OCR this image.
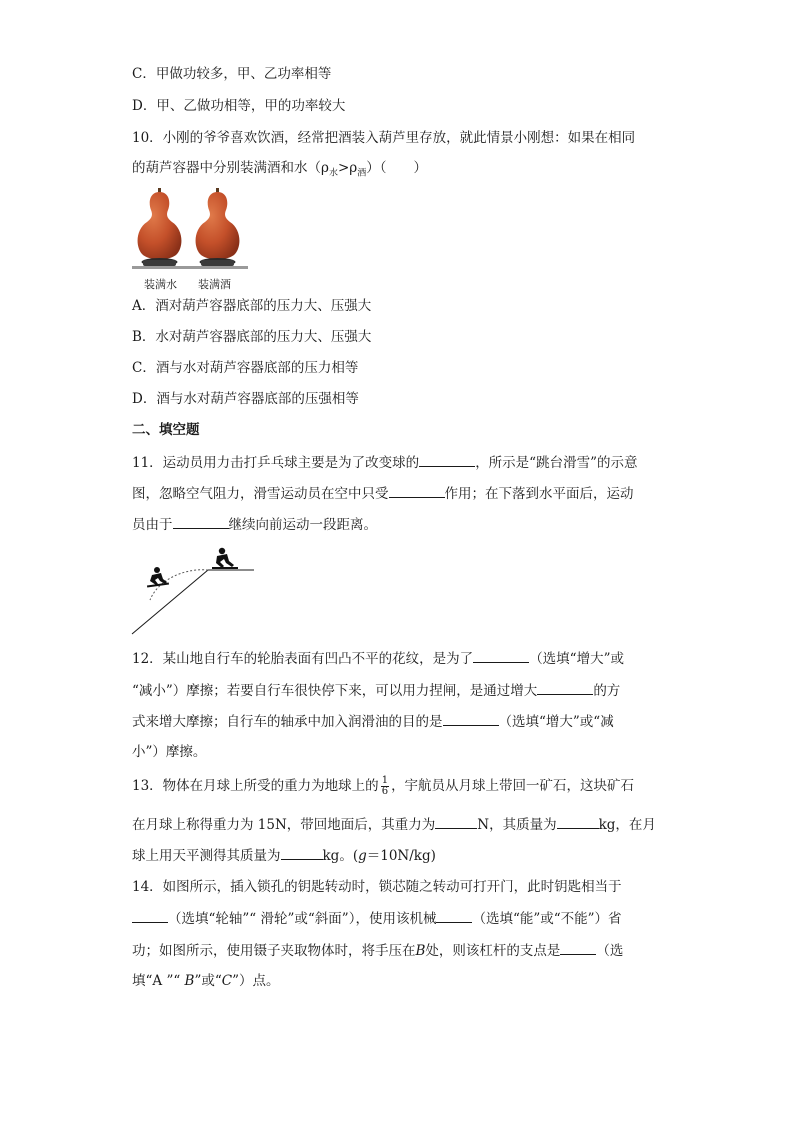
C．甲做功较多，甲、乙功率相等
D．甲、乙做功相等，甲的功率较大
10．小刚的爷爷喜欢饮酒，经常把酒装入葫芦里存放，就此情景小刚想：如果在相同
的葫芦容器中分别装满酒和水$(\rho_水>\rho_酒)$（　　）
装满水 装满酒
A．酒对葫芦容器底部的压力大、压强大
B．水对葫芦容器底部的压力大、压强大
C．酒与水对葫芦容器底部的压力相等
D．酒与水对葫芦容器底部的压强相等
二、填空题
11．运动员用力击打乒乓球主要是为了改变球的	，所示是“跳台滑雪”的示意
图，忽略空气阻力，滑雪运动员在空中只受	作用；在下落到水平面后，运动
员由于	继续向前运动一段距离。
12．某山地自行车的轮胎表面有凹凸不平的花纹，是为了	（选填“增大”或
“减小”）摩擦；若要自行车很快停下来，可以用力捏闸，是通过增大	的方
式来增大摩擦；自行车的轴承中加入润滑油的目的是	（选填“增大”或“减
小”）摩擦。
13．物体在月球上所受的重力为地球上的 $\frac{1}{6}$ ，宇航员从月球上带回一矿石，这块矿石
在月球上称得重力为 15N，带回地面后，其重力为	N，其质量为	kg，在月
球上用天平测得其质量为	kg。(g＝10N/kg)
14．如图所示，插入锁孔的钥匙转动时，锁芯随之转动可打开门，此时钥匙相当于
（选填“轮轴”“ 滑轮”或“斜面”），使用该机械	（选填“能”或“不能”）省
功；如图所示，使用镊子夹取物体时，将手压在B处，则该杠杆的支点是	（选
填“A ”“ B”或“C”）点。
